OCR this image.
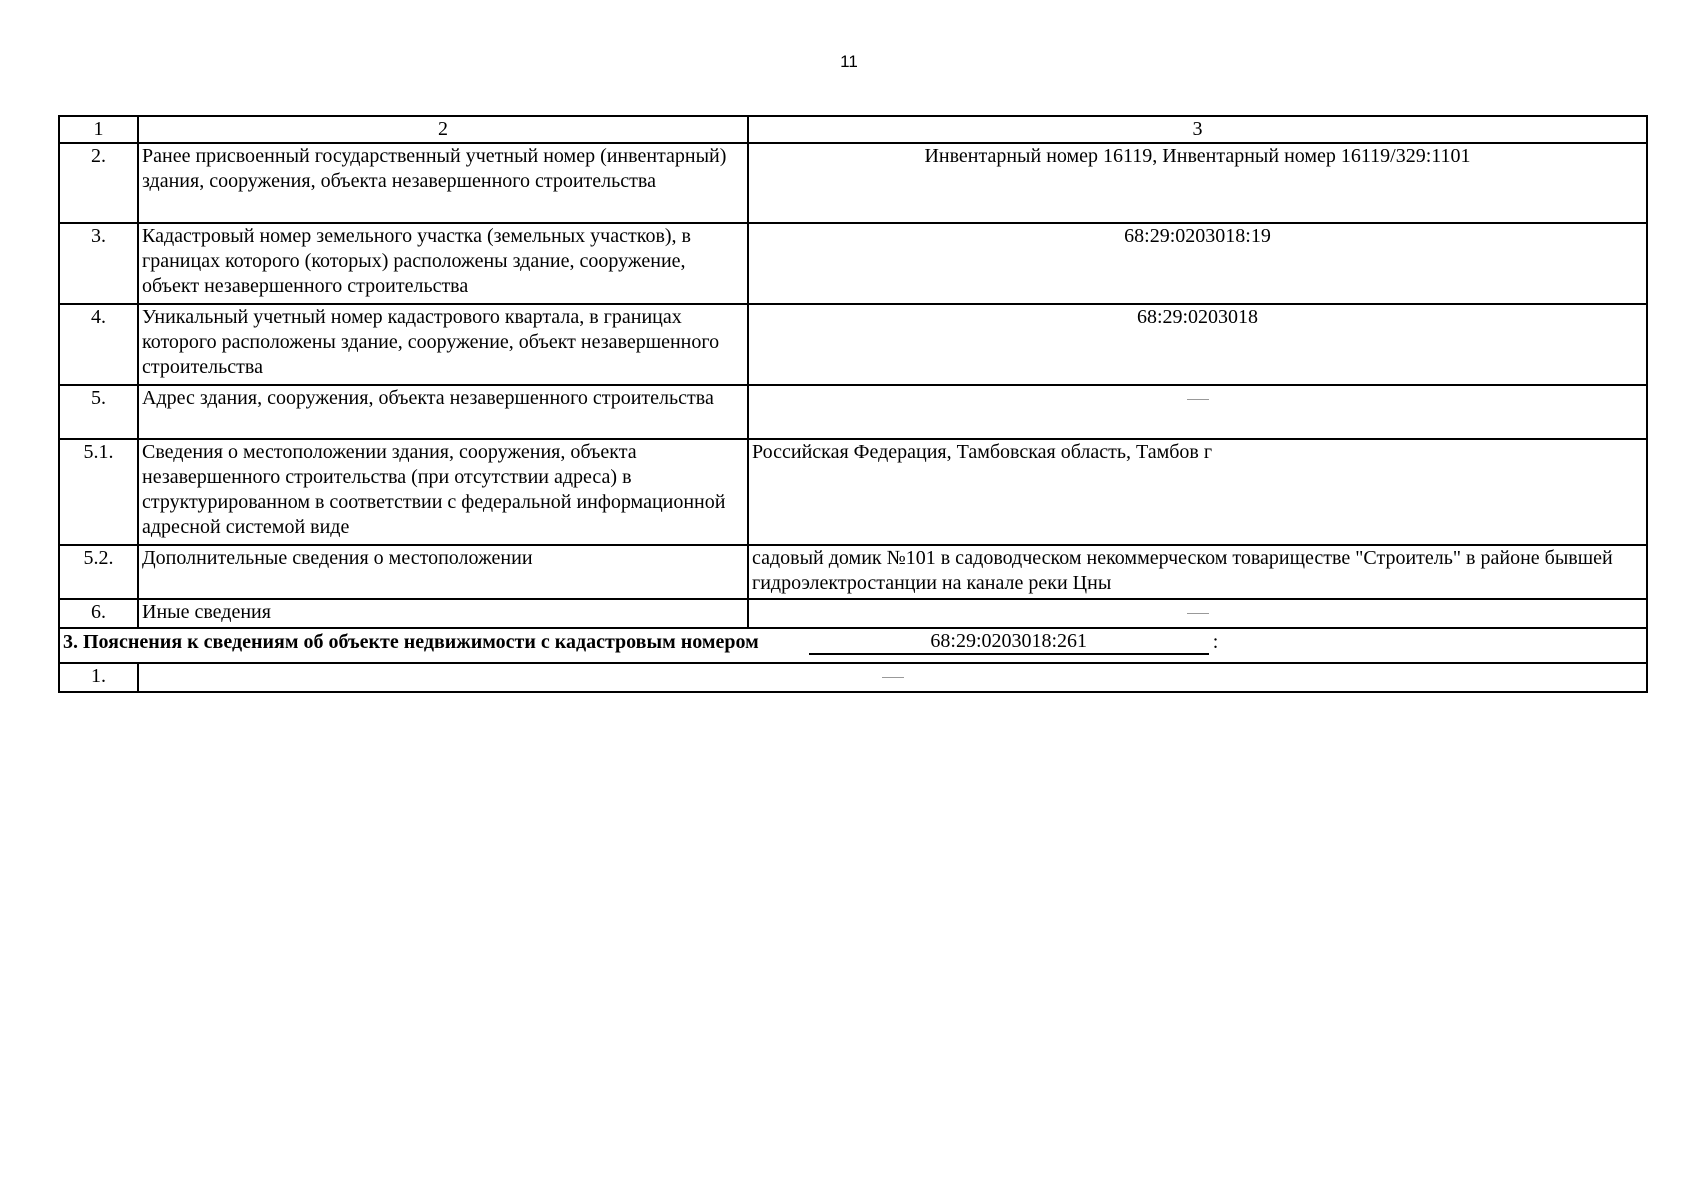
11
1	2	3
2.	Ранее присвоенный государственный учетный номер (инвентарный) здания, сооружения, объекта незавершенного строительства	Инвентарный номер 16119, Инвентарный номер 16119/329:1101
3.	Кадастровый номер земельного участка (земельных участков), в границах которого (которых) расположены здание, сооружение, объект незавершенного строительства	68:29:0203018:19
4.	Уникальный учетный номер кадастрового квартала, в границах которого расположены здание, сооружение, объект незавершенного строительства	68:29:0203018
5.	Адрес здания, сооружения, объекта незавершенного строительства	
5.1.	Сведения о местоположении здания, сооружения, объекта незавершенного строительства (при отсутствии адреса) в структурированном в соответствии с федеральной информационной адресной системой виде	Российская Федерация, Тамбовская область, Тамбов г
5.2.	Дополнительные сведения о местоположении	садовый домик №101 в садоводческом некоммерческом товариществе "Строитель" в районе бывшей гидроэлектростанции на канале реки Цны
6.	Иные сведения	
3. Пояснения к сведениям об объекте недвижимости с кадастровым номером 68:29:0203018:261 :		
1.		
